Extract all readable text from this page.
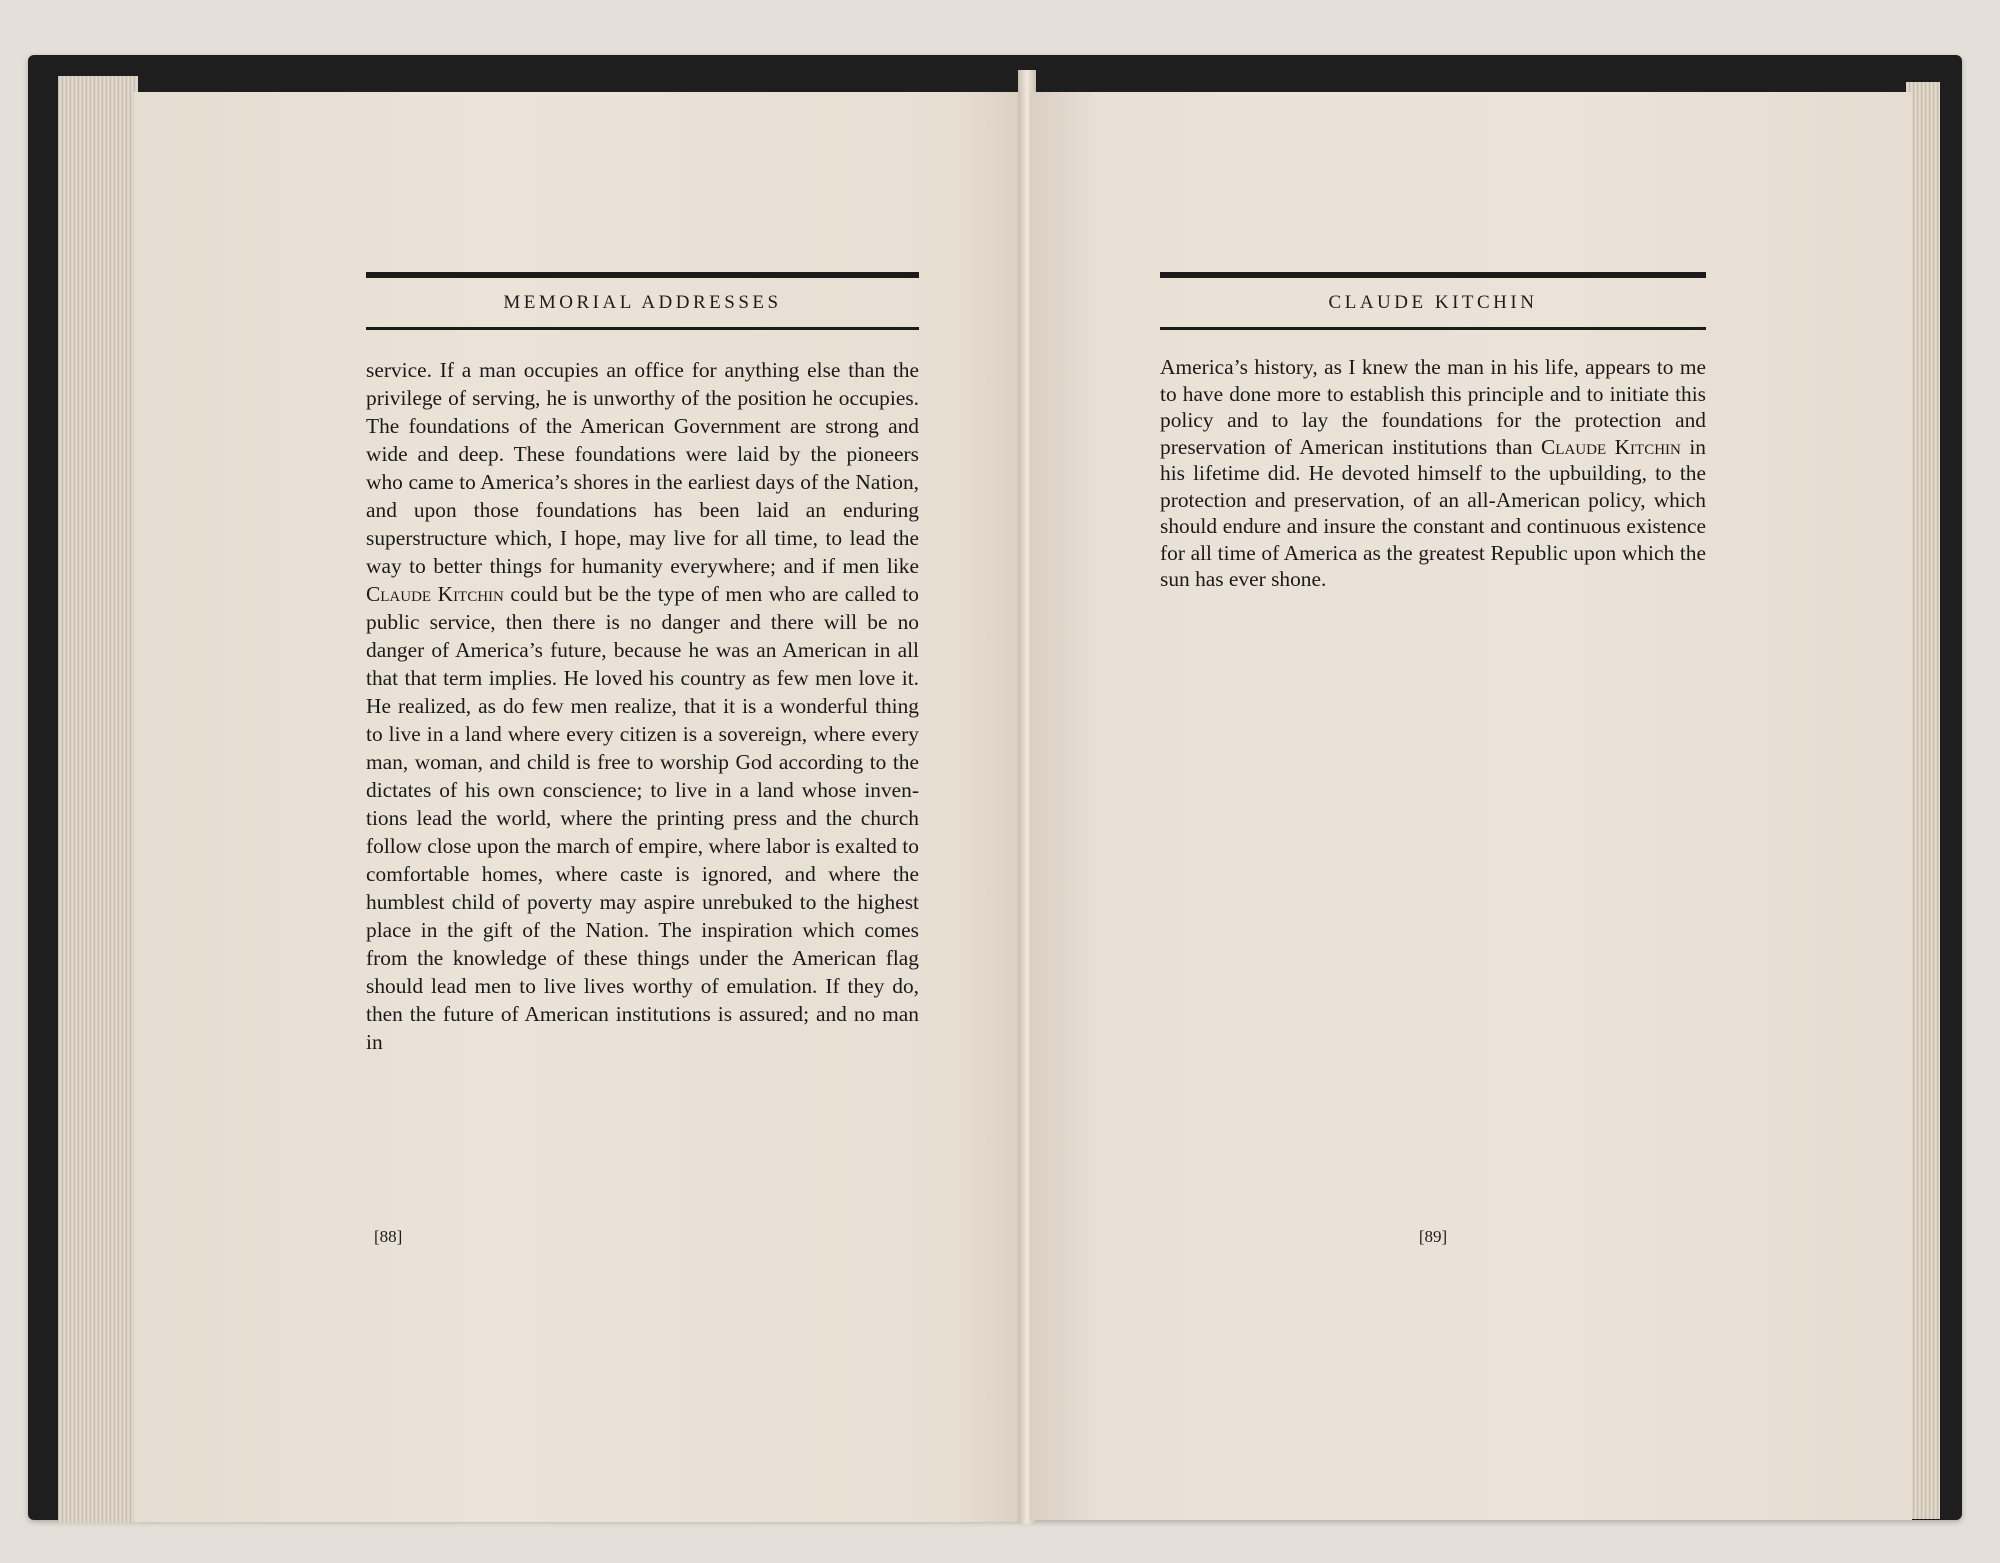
MEMORIAL ADDRESSES
service. If a man occupies an office for anything else than the privilege of serving, he is unworthy of the position he occupies. The foundations of the American Government are strong and wide and deep. These foundations were laid by the pioneers who came to America’s shores in the earliest days of the Nation, and upon those foundations has been laid an enduring superstructure which, I hope, may live for all time, to lead the way to better things for humanity everywhere; and if men like Claude Kitchin could but be the type of men who are called to public service, then there is no danger and there will be no danger of America’s future, because he was an American in all that that term implies. He loved his country as few men love it. He realized, as do few men realize, that it is a wonderful thing to live in a land where every citizen is a sovereign, where every man, woman, and child is free to worship God according to the dictates of his own conscience; to live in a land whose inventions lead the world, where the printing press and the church follow close upon the march of empire, where labor is exalted to comfortable homes, where caste is ignored, and where the humblest child of poverty may aspire unrebuked to the highest place in the gift of the Nation. The inspiration which comes from the knowledge of these things under the American flag should lead men to live lives worthy of emulation. If they do, then the future of American institutions is assured; and no man in
[88]
CLAUDE KITCHIN
America’s history, as I knew the man in his life, appears to me to have done more to establish this principle and to initiate this policy and to lay the foundations for the protection and preservation of American institutions than Claude Kitchin in his lifetime did. He devoted himself to the upbuilding, to the protection and preservation, of an all-American policy, which should endure and insure the constant and continuous existence for all time of America as the greatest Republic upon which the sun has ever shone.
[89]
